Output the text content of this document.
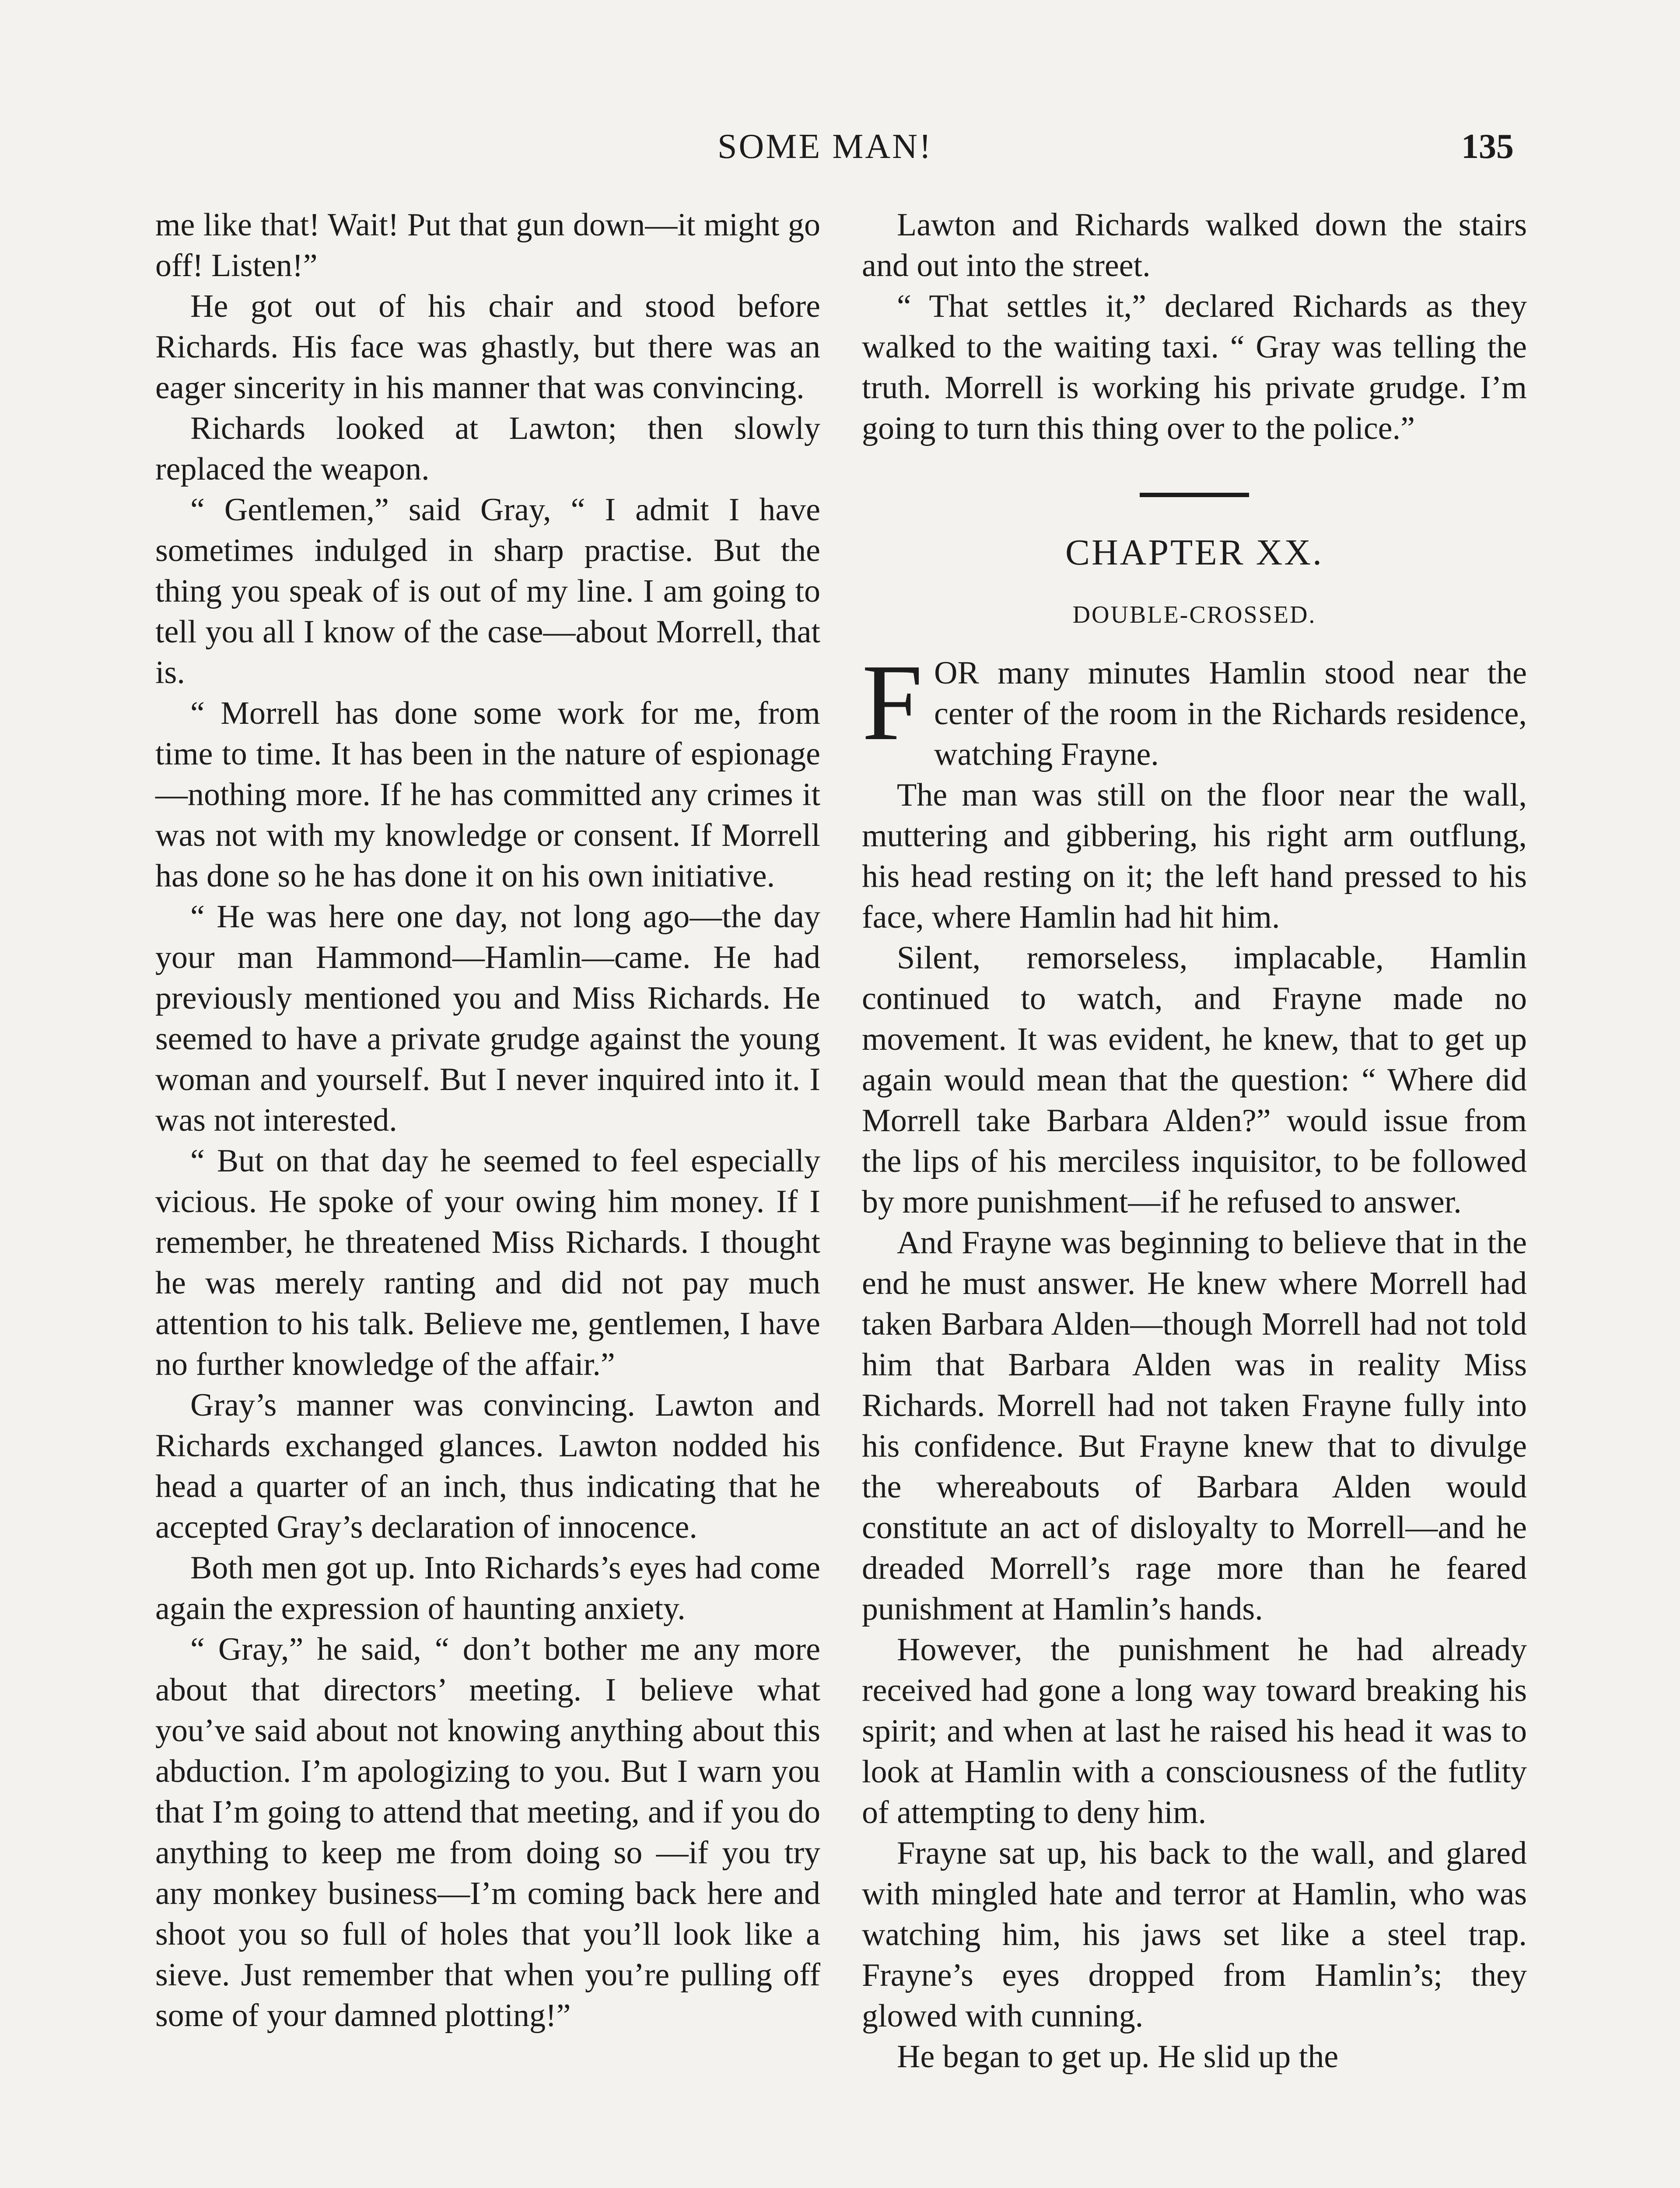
SOME MAN!	135

me like that! Wait! Put that gun down—it might go off! Listen!”

He got out of his chair and stood before Richards. His face was ghastly, but there was an eager sincerity in his manner that was convincing.

Richards looked at Lawton; then slowly replaced the weapon.

“ Gentlemen,” said Gray, “ I admit I have sometimes indulged in sharp practise. But the thing you speak of is out of my line. I am going to tell you all I know of the case—about Morrell, that is.

“ Morrell has done some work for me, from time to time. It has been in the nature of espionage—nothing more. If he has committed any crimes it was not with my knowledge or consent. If Morrell has done so he has done it on his own initiative.

“ He was here one day, not long ago—the day your man Hammond—Hamlin—came. He had previously mentioned you and Miss Richards. He seemed to have a private grudge against the young woman and yourself. But I never inquired into it. I was not interested.

“ But on that day he seemed to feel especially vicious. He spoke of your owing him money. If I remember, he threatened Miss Richards. I thought he was merely ranting and did not pay much attention to his talk. Believe me, gentlemen, I have no further knowledge of the affair.”

Gray’s manner was convincing. Lawton and Richards exchanged glances. Lawton nodded his head a quarter of an inch, thus indicating that he accepted Gray’s declaration of innocence.

Both men got up. Into Richards’s eyes had come again the expression of haunting anxiety.

“ Gray,” he said, “ don’t bother me any more about that directors’ meeting. I believe what you’ve said about not knowing anything about this abduction. I’m apologizing to you. But I warn you that I’m going to attend that meeting, and if you do anything to keep me from doing so —if you try any monkey business—I’m coming back here and shoot you so full of holes that you’ll look like a sieve. Just remember that when you’re pulling off some of your damned plotting!”

Lawton and Richards walked down the stairs and out into the street.

“ That settles it,” declared Richards as they walked to the waiting taxi. “ Gray was telling the truth. Morrell is working his private grudge. I’m going to turn this thing over to the police.”

CHAPTER XX.
DOUBLE-CROSSED.

FOR many minutes Hamlin stood near the center of the room in the Richards residence, watching Frayne.

The man was still on the floor near the wall, muttering and gibbering, his right arm outflung, his head resting on it; the left hand pressed to his face, where Hamlin had hit him.

Silent, remorseless, implacable, Hamlin continued to watch, and Frayne made no movement. It was evident, he knew, that to get up again would mean that the question: “ Where did Morrell take Barbara Alden?” would issue from the lips of his merciless inquisitor, to be followed by more punishment—if he refused to answer.

And Frayne was beginning to believe that in the end he must answer. He knew where Morrell had taken Barbara Alden—though Morrell had not told him that Barbara Alden was in reality Miss Richards. Morrell had not taken Frayne fully into his confidence. But Frayne knew that to divulge the whereabouts of Barbara Alden would constitute an act of disloyalty to Morrell—and he dreaded Morrell’s rage more than he feared punishment at Hamlin’s hands.

However, the punishment he had already received had gone a long way toward breaking his spirit; and when at last he raised his head it was to look at Hamlin with a consciousness of the futlity of attempting to deny him.

Frayne sat up, his back to the wall, and glared with mingled hate and terror at Hamlin, who was watching him, his jaws set like a steel trap. Frayne’s eyes dropped from Hamlin’s; they glowed with cunning.

He began to get up. He slid up the
